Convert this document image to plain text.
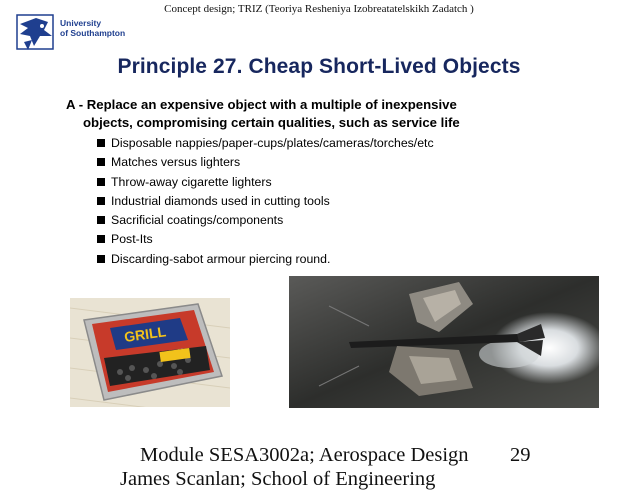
Concept design; TRIZ (Teoriya Resheniya Izobreatatelskikh Zadatch )
University
of Southampton
Principle 27. Cheap Short-Lived Objects
A - Replace an expensive object with a multiple of inexpensive
objects, compromising certain qualities, such as service life
Disposable nappies/paper-cups/plates/cameras/torches/etc
Matches versus lighters
Throw-away cigarette lighters
Industrial diamonds used in cutting tools
Sacrificial coatings/components
Post-Its
Discarding-sabot armour piercing round.
GRILL
Module SESA3002a; Aerospace Design 29
James Scanlan; School of Engineering
